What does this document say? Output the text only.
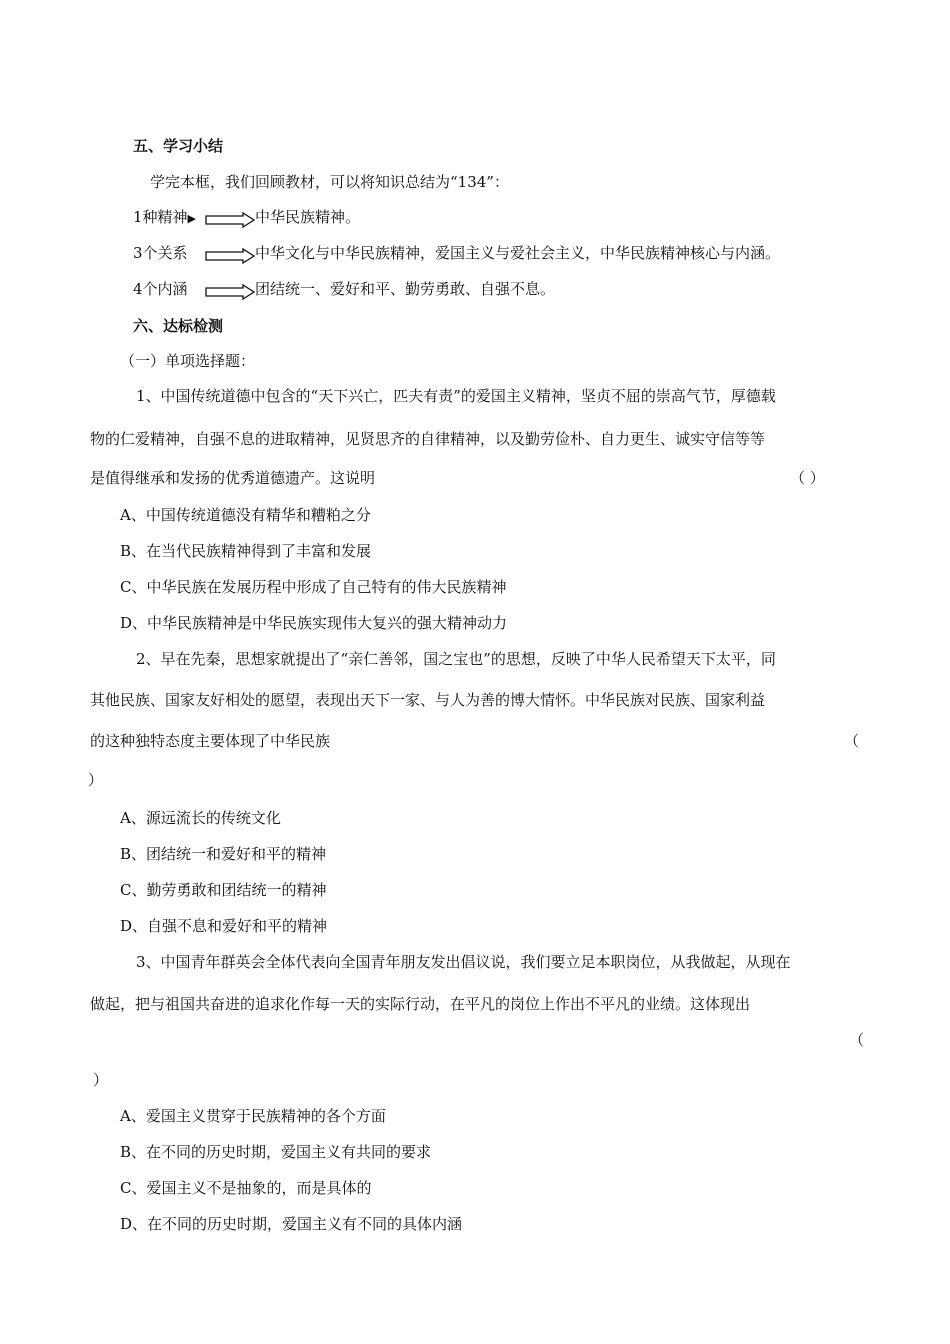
五、学习小结
学完本框，我们回顾教材，可以将知识总结为“134”：
1种精神▶	中华民族精神。
3个关系	中华文化与中华民族精神，爱国主义与爱社会主义，中华民族精神核心与内涵。
4个内涵	团结统一、爱好和平、勤劳勇敢、自强不息。
六、达标检测
（一）单项选择题：
1、中国传统道德中包含的“天下兴亡，匹夫有责”的爱国主义精神，坚贞不屈的崇高气节，厚德载
物的仁爱精神，自强不息的进取精神，见贤思齐的自律精神，以及勤劳俭朴、自力更生、诚实守信等等
是值得继承和发扬的优秀道德遗产。这说明	（ ）
A、中国传统道德没有精华和糟粕之分
B、在当代民族精神得到了丰富和发展
C、中华民族在发展历程中形成了自己特有的伟大民族精神
D、中华民族精神是中华民族实现伟大复兴的强大精神动力
2、早在先秦，思想家就提出了“亲仁善邻，国之宝也”的思想，反映了中华人民希望天下太平，同
其他民族、国家友好相处的愿望，表现出天下一家、与人为善的博大情怀。中华民族对民族、国家利益
的这种独特态度主要体现了中华民族	（
）
A、源远流长的传统文化
B、团结统一和爱好和平的精神
C、勤劳勇敢和团结统一的精神
D、自强不息和爱好和平的精神
3、中国青年群英会全体代表向全国青年朋友发出倡议说，我们要立足本职岗位，从我做起，从现在
做起，把与祖国共奋进的追求化作每一天的实际行动，在平凡的岗位上作出不平凡的业绩。这体现出
（
）
A、爱国主义贯穿于民族精神的各个方面
B、在不同的历史时期，爱国主义有共同的要求
C、爱国主义不是抽象的，而是具体的
D、在不同的历史时期，爱国主义有不同的具体内涵
